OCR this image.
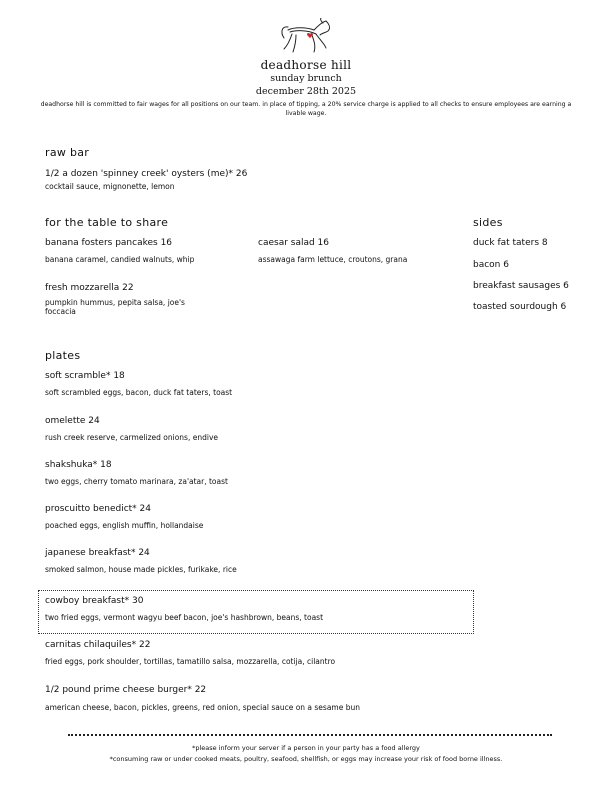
deadhorse hill
sunday brunch
december 28th 2025
deadhorse hill is committed to fair wages for all positions on our team. in place of tipping, a 20% service charge is applied to all checks to ensure employees are earning a livable wage.
raw bar
1/2 a dozen 'spinney creek' oysters (me)* 26
cocktail sauce, mignonette, lemon
for the table to share
banana fosters pancakes 16
banana caramel, candied walnuts, whip
caesar salad 16
assawaga farm lettuce, croutons, grana
fresh mozzarella 22
pumpkin hummus, pepita salsa, joe's foccacia
sides
duck fat taters 8
bacon 6
breakfast sausages 6
toasted sourdough 6
plates
soft scramble* 18
soft scrambled eggs, bacon, duck fat taters, toast
omelette 24
rush creek reserve, carmelized onions, endive
shakshuka* 18
two eggs, cherry tomato marinara, za'atar, toast
proscuitto benedict* 24
poached eggs, english muffin, hollandaise
japanese breakfast* 24
smoked salmon, house made pickles, furikake, rice
cowboy breakfast* 30
two fried eggs, vermont wagyu beef bacon, joe's hashbrown, beans, toast
carnitas chilaquiles* 22
fried eggs, pork shoulder, tortillas, tamatillo salsa, mozzarella, cotija, cilantro
1/2 pound prime cheese burger* 22
american cheese, bacon, pickles, greens, red onion, special sauce on a sesame bun
*please inform your server if a person in your party has a food allergy
*consuming raw or under cooked meats, poultry, seafood, shellfish, or eggs may increase your risk of food borne illness.
